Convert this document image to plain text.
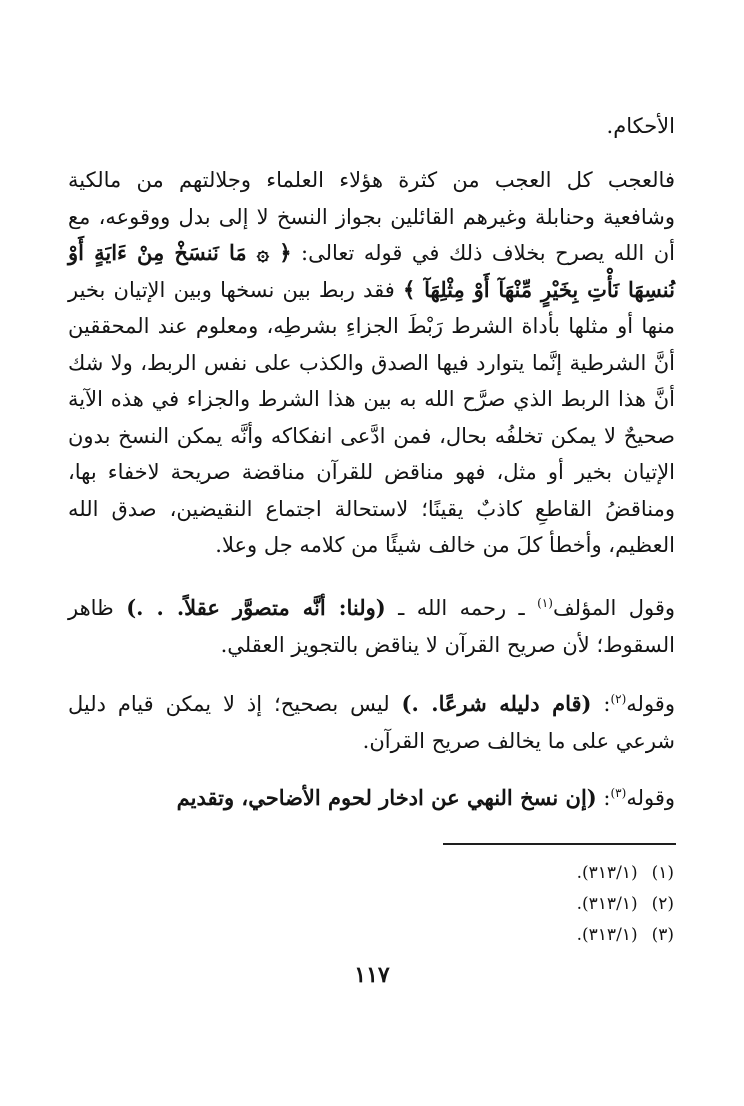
الأحكام.

فالعجب كل العجب من كثرة هؤلاء العلماء وجلالتهم من مالكية وشافعية وحنابلة وغيرهم القائلين بجواز النسخ لا إلى بدل ووقوعه، مع أن الله يصرح بخلاف ذلك في قوله تعالى: ﴿ ۞ مَا نَنسَخْ مِنْ ءَايَةٍ أَوْ نُنسِهَا نَأْتِ بِخَيْرٍ مِّنْهَآ أَوْ مِثْلِهَآ ﴾ فقد ربط بين نسخها وبين الإتيان بخير منها أو مثلها بأداة الشرط رَبْطَ الجزاءِ بشرطِه، ومعلوم عند المحققين أنَّ الشرطية إنَّما يتوارد فيها الصدق والكذب على نفس الربط، ولا شك أنَّ هذا الربط الذي صرَّح الله به بين هذا الشرط والجزاء في هذه الآية صحيحٌ لا يمكن تخلفُه بحال، فمن ادَّعى انفكاكه وأنَّه يمكن النسخ بدون الإتيان بخير أو مثل، فهو مناقض للقرآن مناقضة صريحة لاخفاء بها، ومناقضُ القاطعِ كاذبٌ يقينًا؛ لاستحالة اجتماع النقيضين، صدق الله العظيم، وأخطأ كلَ من خالف شيئًا من كلامه جل وعلا.

وقول المؤلف$^{(١)}$ ـ رحمه الله ـ (ولنا: أنَّه متصوَّر عقلاً. . .) ظاهر السقوط؛ لأن صريح القرآن لا يناقض بالتجويز العقلي.

وقوله$^{(٢)}$: (قام دليله شرعًا. .) ليس بصحيح؛ إذ لا يمكن قيام دليل شرعي على ما يخالف صريح القرآن.

وقوله$^{(٣)}$: (إن نسخ النهي عن ادخار لحوم الأضاحي، وتقديم

(١)(٣١٣/١).

(٢)(٣١٣/١).

(٣)(٣١٣/١).

١١٧
